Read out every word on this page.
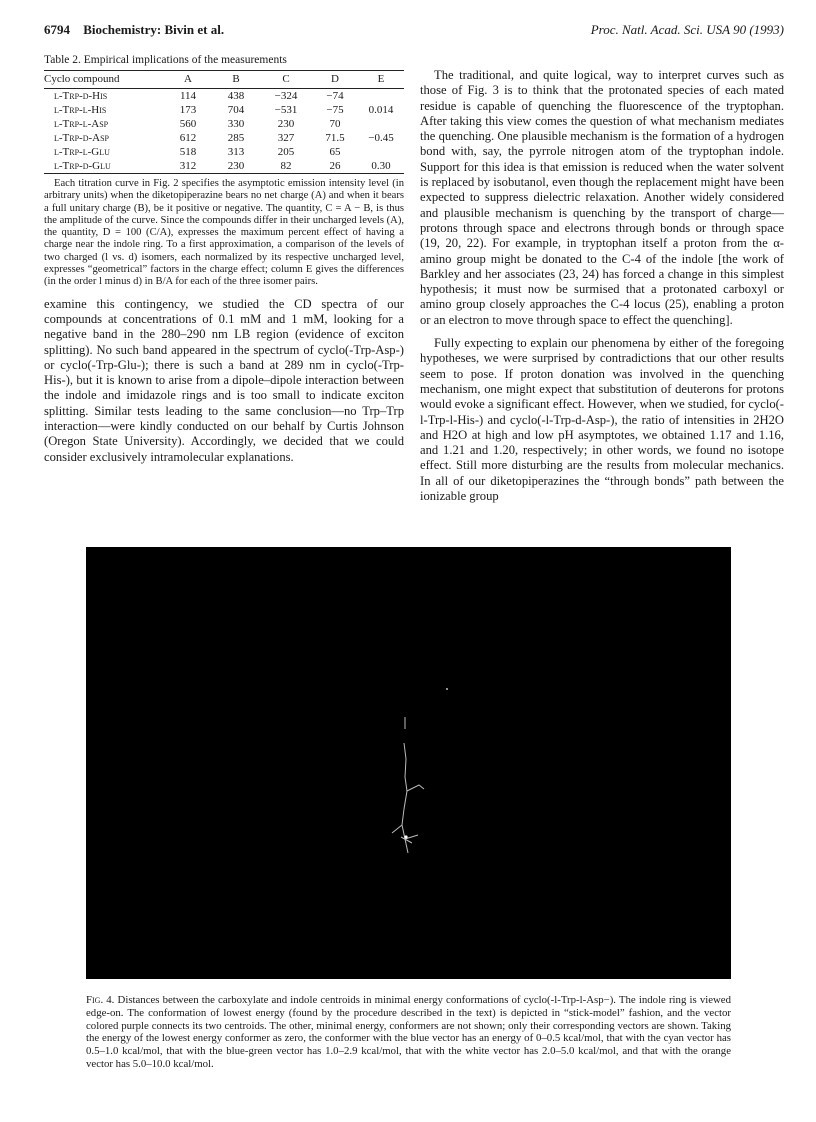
6794 Biochemistry: Bivin et al.	Proc. Natl. Acad. Sci. USA 90 (1993)
Table 2. Empirical implications of the measurements
Cyclo compound	A	B	C	D	E
l-Trp-d-His	114	438	−324	−74	
l-Trp-l-His	173	704	−531	−75	0.014
l-Trp-l-Asp	560	330	230	70	
l-Trp-d-Asp	612	285	327	71.5	−0.45
l-Trp-l-Glu	518	313	205	65	
l-Trp-d-Glu	312	230	82	26	0.30

Each titration curve in Fig. 2 specifies the asymptotic emission intensity level (in arbitrary units) when the diketopiperazine bears no net charge (A) and when it bears a full unitary charge (B), be it positive or negative. The quantity, C = A − B, is thus the amplitude of the curve. Since the compounds differ in their uncharged levels (A), the quantity, D = 100 (C/A), expresses the maximum percent effect of having a charge near the indole ring. To a first approximation, a comparison of the levels of two charged (l vs. d) isomers, each normalized by its respective uncharged level, expresses “geometrical” factors in the charge effect; column E gives the differences (in the order l minus d) in B/A for each of the three isomer pairs.

examine this contingency, we studied the CD spectra of our compounds at concentrations of 0.1 mM and 1 mM, looking for a negative band in the 280–290 nm LB region (evidence of exciton splitting). No such band appeared in the spectrum of cyclo(-Trp-Asp-) or cyclo(-Trp-Glu-); there is such a band at 289 nm in cyclo(-Trp-His-), but it is known to arise from a dipole–dipole interaction between the indole and imidazole rings and is too small to indicate exciton splitting. Similar tests leading to the same conclusion—no Trp–Trp interaction—were kindly conducted on our behalf by Curtis Johnson (Oregon State University). Accordingly, we decided that we could consider exclusively intramolecular explanations.

The traditional, and quite logical, way to interpret curves such as those of Fig. 3 is to think that the protonated species of each mated residue is capable of quenching the fluorescence of the tryptophan. After taking this view comes the question of what mechanism mediates the quenching. One plausible mechanism is the formation of a hydrogen bond with, say, the pyrrole nitrogen atom of the tryptophan indole. Support for this idea is that emission is reduced when the water solvent is replaced by isobutanol, even though the replacement might have been expected to suppress dielectric relaxation. Another widely considered and plausible mechanism is quenching by the transport of charge—protons through space and electrons through bonds or through space (19, 20, 22). For example, in tryptophan itself a proton from the α-amino group might be donated to the C-4 of the indole [the work of Barkley and her associates (23, 24) has forced a change in this simplest hypothesis; it must now be surmised that a protonated carboxyl or amino group closely approaches the C-4 locus (25), enabling a proton or an electron to move through space to effect the quenching].

Fully expecting to explain our phenomena by either of the foregoing hypotheses, we were surprised by contradictions that our other results seem to pose. If proton donation was involved in the quenching mechanism, one might expect that substitution of deuterons for protons would evoke a significant effect. However, when we studied, for cyclo(-l-Trp-l-His-) and cyclo(-l-Trp-d-Asp-), the ratio of intensities in 2H2O and H2O at high and low pH asymptotes, we obtained 1.17 and 1.16, and 1.21 and 1.20, respectively; in other words, we found no isotope effect. Still more disturbing are the results from molecular mechanics. In all of our diketopiperazines the “through bonds” path between the ionizable group

Fig. 4. Distances between the carboxylate and indole centroids in minimal energy conformations of cyclo(-l-Trp-l-Asp−). The indole ring is viewed edge-on. The conformation of lowest energy (found by the procedure described in the text) is depicted in “stick-model” fashion, and the vector colored purple connects its two centroids. The other, minimal energy, conformers are not shown; only their corresponding vectors are shown. Taking the energy of the lowest energy conformer as zero, the conformer with the blue vector has an energy of 0–0.5 kcal/mol, that with the cyan vector has 0.5–1.0 kcal/mol, that with the blue-green vector has 1.0–2.9 kcal/mol, that with the white vector has 2.0–5.0 kcal/mol, and that with the orange vector has 5.0–10.0 kcal/mol.
